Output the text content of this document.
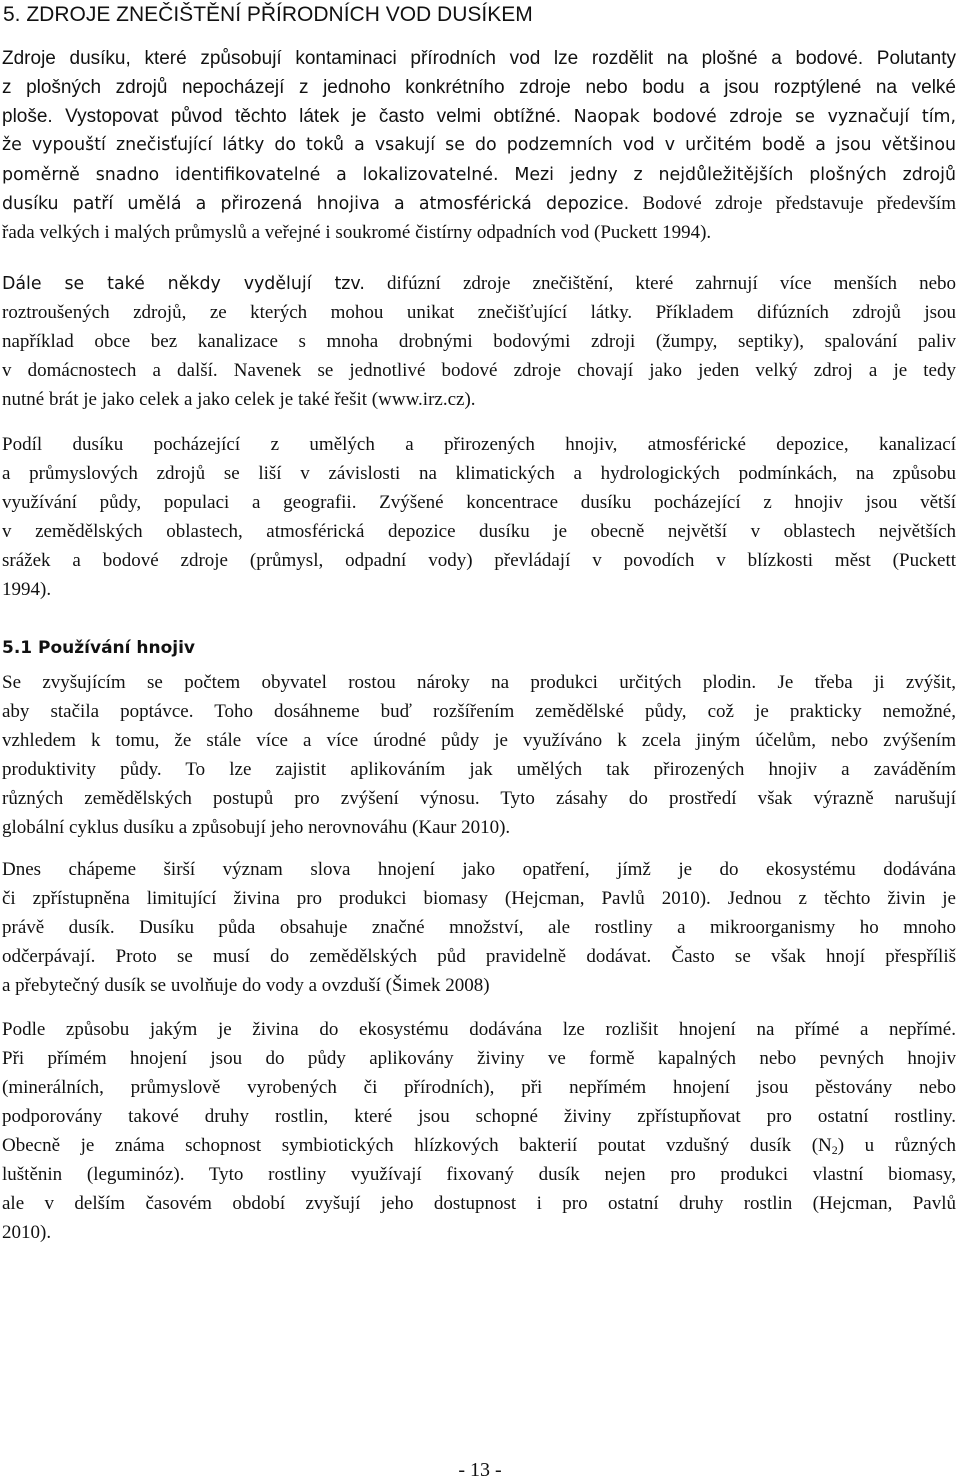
5. ZDROJE ZNEČIŠTĚNÍ PŘÍRODNÍCH VOD DUSÍKEM
Zdroje dusíku, které způsobují kontaminaci přírodních vod lze rozdělit na plošné a bodové. Polutanty
z plošných zdrojů nepocházejí z jednoho konkrétního zdroje nebo bodu a jsou rozptýlené na velké
ploše. Vystopovat původ těchto látek je často velmi obtížné. Naopak bodové zdroje se vyznačují tím,
že vypouští znečisťující látky do toků a vsakují se do podzemních vod v určitém bodě a jsou většinou
poměrně snadno identifikovatelné a lokalizovatelné. Mezi jedny z nejdůležitějších plošných zdrojů
dusíku patří umělá a přirozená hnojiva a atmosférická depozice. Bodové zdroje představuje především
řada velkých i malých průmyslů a veřejné i soukromé čistírny odpadních vod (Puckett 1994).
Dále se také někdy vydělují tzv. difúzní zdroje znečištění, které zahrnují více menších nebo
roztroušených zdrojů, ze kterých mohou unikat znečišťující látky. Příkladem difúzních zdrojů jsou
například obce bez kanalizace s mnoha drobnými bodovými zdroji (žumpy, septiky), spalování paliv
v domácnostech a další. Navenek se jednotlivé bodové zdroje chovají jako jeden velký zdroj a je tedy
nutné brát je jako celek a jako celek je také řešit (www.irz.cz).
Podíl dusíku pocházející z umělých a přirozených hnojiv, atmosférické depozice, kanalizací
a průmyslových zdrojů se liší v závislosti na klimatických a hydrologických podmínkách, na způsobu
využívání půdy, populaci a geografii. Zvýšené koncentrace dusíku pocházející z hnojiv jsou větší
v zemědělských oblastech, atmosférická depozice dusíku je obecně největší v oblastech největších
srážek a bodové zdroje (průmysl, odpadní vody) převládají v povodích v blízkosti měst (Puckett
1994).
5.1 Používání hnojiv
Se zvyšujícím se počtem obyvatel rostou nároky na produkci určitých plodin. Je třeba ji zvýšit,
aby stačila poptávce. Toho dosáhneme buď rozšířením zemědělské půdy, což je prakticky nemožné,
vzhledem k tomu, že stále více a více úrodné půdy je využíváno k zcela jiným účelům, nebo zvýšením
produktivity půdy. To lze zajistit aplikováním jak umělých tak přirozených hnojiv a zaváděním
různých zemědělských postupů pro zvýšení výnosu. Tyto zásahy do prostředí však výrazně narušují
globální cyklus dusíku a způsobují jeho nerovnováhu (Kaur 2010).
Dnes chápeme širší význam slova hnojení jako opatření, jímž je do ekosystému dodávána
či zpřístupněna limitující živina pro produkci biomasy (Hejcman, Pavlů 2010). Jednou z těchto živin je
právě dusík. Dusíku půda obsahuje značné množství, ale rostliny a mikroorganismy ho mnoho
odčerpávají. Proto se musí do zemědělských půd pravidelně dodávat. Často se však hnojí přespříliš
a přebytečný dusík se uvolňuje do vody a ovzduší (Šimek 2008)
Podle způsobu jakým je živina do ekosystému dodávána lze rozlišit hnojení na přímé a nepřímé.
Při přímém hnojení jsou do půdy aplikovány živiny ve formě kapalných nebo pevných hnojiv
(minerálních, průmyslově vyrobených či přírodních), při nepřímém hnojení jsou pěstovány nebo
podporovány takové druhy rostlin, které jsou schopné živiny zpřístupňovat pro ostatní rostliny.
Obecně je známa schopnost symbiotických hlízkových bakterií poutat vzdušný dusík $(N_2)$ u různých
luštěnin (leguminóz). Tyto rostliny využívají fixovaný dusík nejen pro produkci vlastní biomasy,
ale v delším časovém období zvyšují jeho dostupnost i pro ostatní druhy rostlin (Hejcman, Pavlů
2010).
- 13 -
